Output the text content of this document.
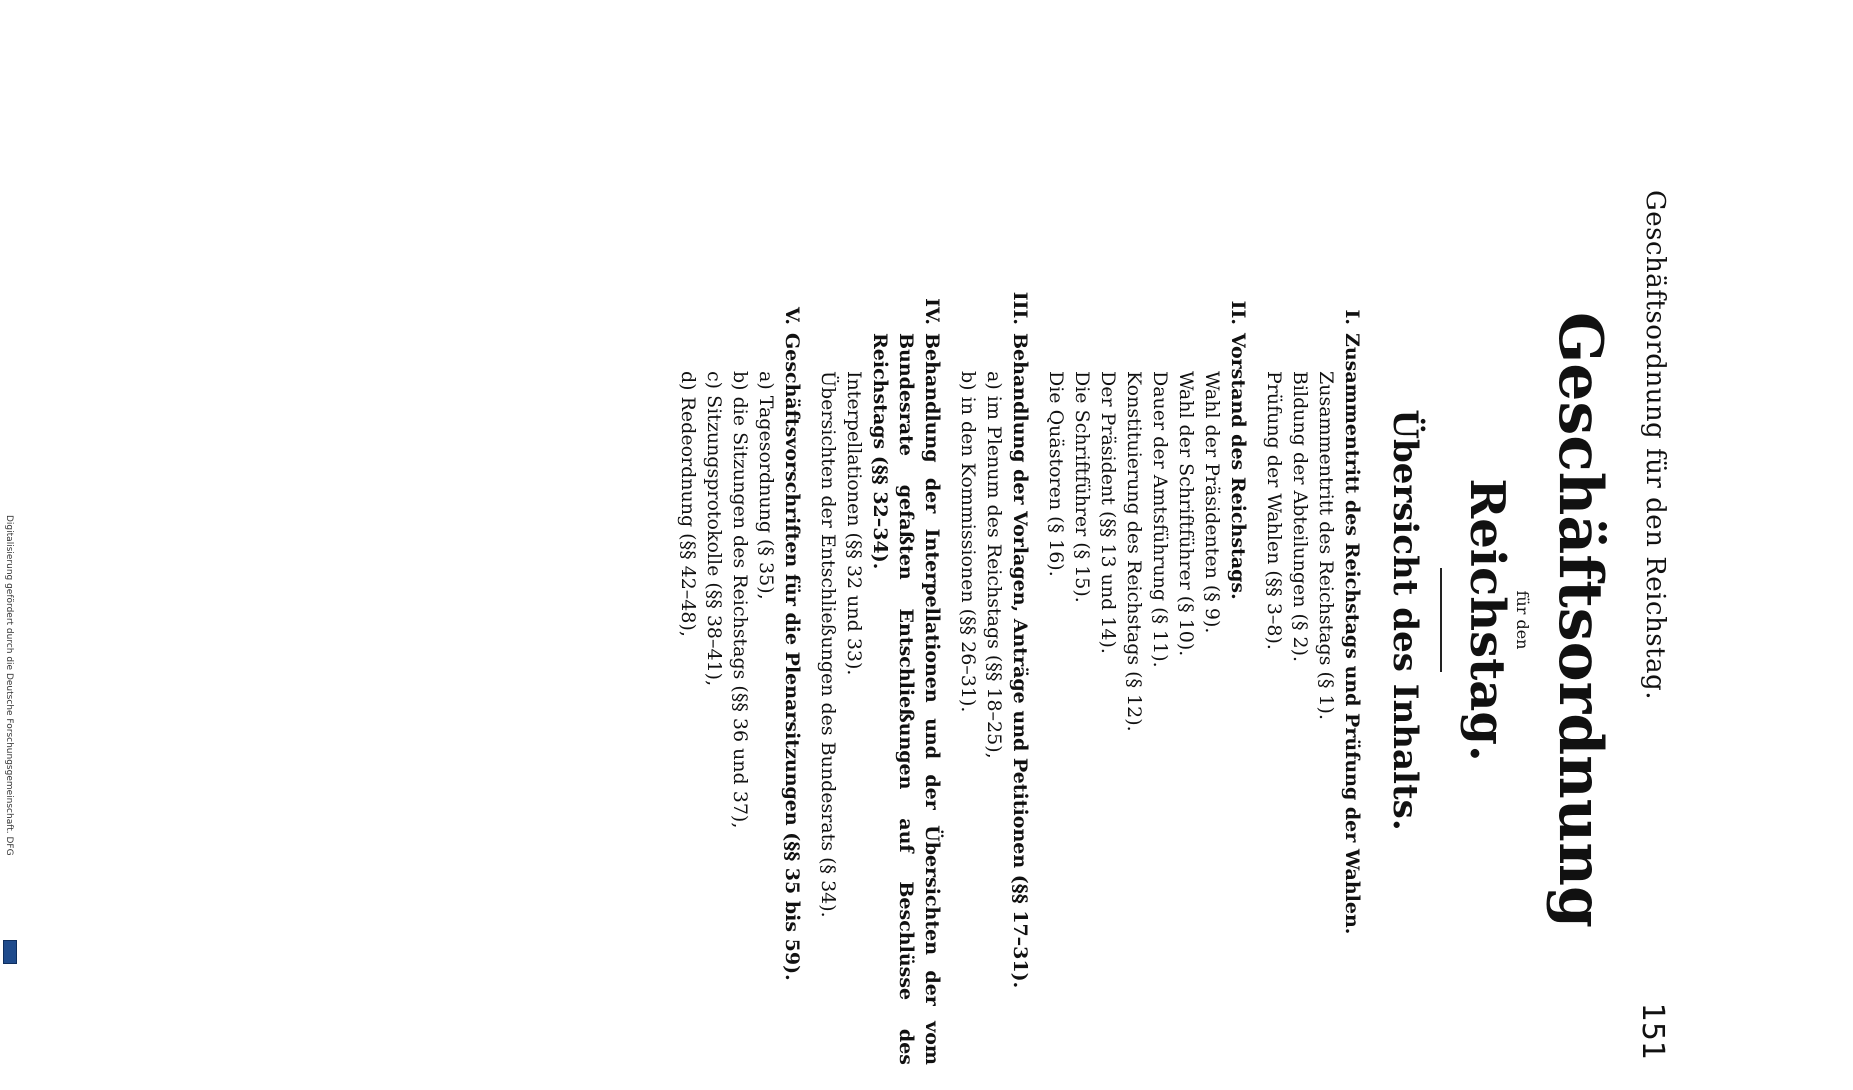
Geschäftsordnung für den Reichstag.
151
Geschäftsordnung
für den
Reichstag.
Übersicht des Inhalts.
I.
Zusammentritt des Reichstags und Prüfung der Wahlen.
Zusammentritt des Reichstags (§ 1).
Bildung der Abteilungen (§ 2).
Prüfung der Wahlen (§§ 3–8).
II.
Vorstand des Reichstags.
Wahl der Präsidenten (§ 9).
Wahl der Schriftführer (§ 10).
Dauer der Amtsführung (§ 11).
Konstituierung des Reichstags (§ 12).
Der Präsident (§§ 13 und 14).
Die Schriftführer (§ 15).
Die Quästoren (§ 16).
III.
Behandlung der Vorlagen, Anträge und Petitionen (§§ 17–31).
a) im Plenum des Reichstags (§§ 18–25),
b) in den Kommissionen (§§ 26–31).
IV.
Behandlung der Interpellationen und der Übersichten der vom Bundesrate gefaßten Entschließungen auf Beschlüsse des Reichstags (§§ 32–34).
Interpellationen (§§ 32 und 33).
Übersichten der Entschließungen des Bundesrats (§ 34).
V.
Geschäftsvorschriften für die Plenarsitzungen (§§ 35 bis 59).
a) Tagesordnung (§ 35),
b) die Sitzungen des Reichstags (§§ 36 und 37),
c) Sitzungsprotokolle (§§ 38–41),
d) Redeordnung (§§ 42–48),
Digitalisierung gefördert durch die Deutsche Forschungsgemeinschaft. DFG
